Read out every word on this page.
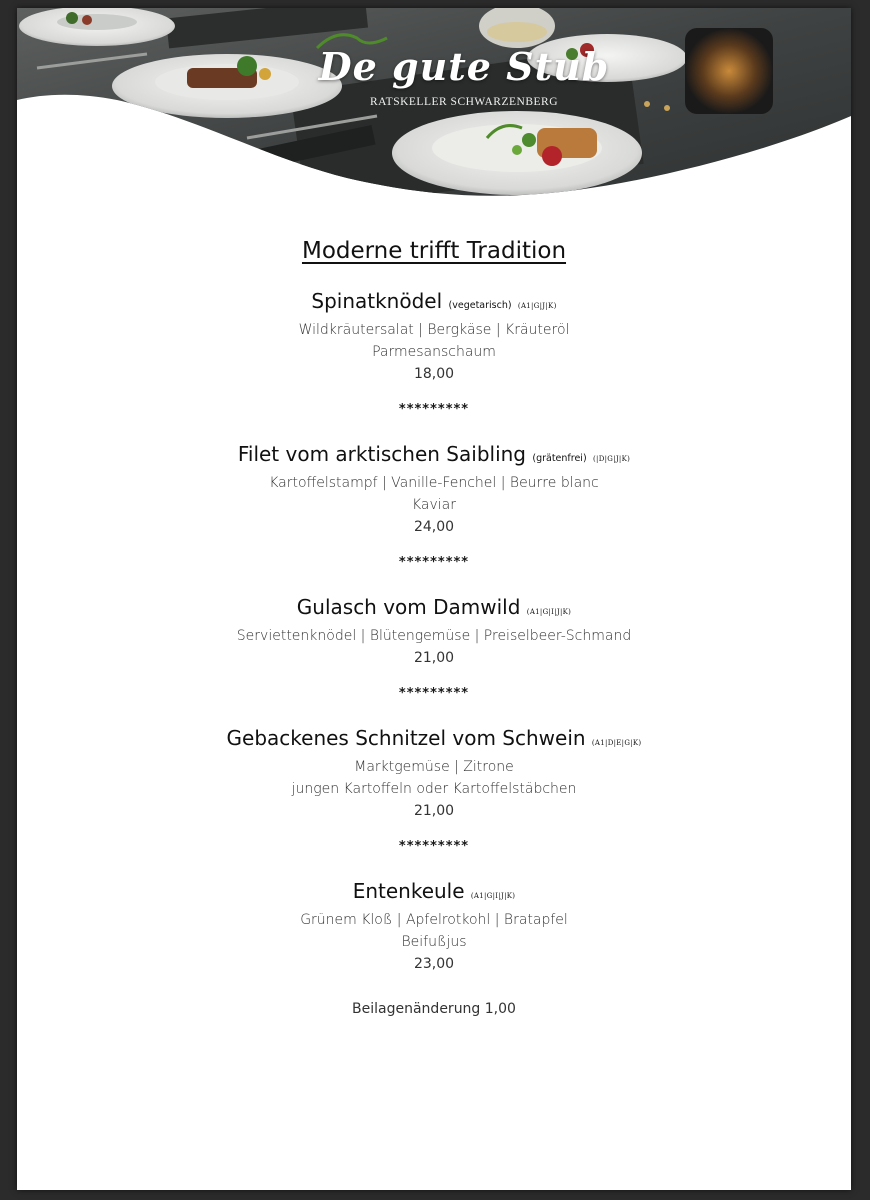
De gute Stub
RATSKELLER SCHWARZENBERG
Moderne trifft Tradition
Spinatknödel (vegetarisch) (A1|G|J|K)
Wildkräutersalat | Bergkäse | Kräuteröl
Parmesanschaum
18,00
*********
Filet vom arktischen Saibling (grätenfrei) (|D|G|J|K)
Kartoffelstampf | Vanille-Fenchel | Beurre blanc
Kaviar
24,00
*********
Gulasch vom Damwild (A1|G|I|J|K)
Serviettenknödel | Blütengemüse | Preiselbeer-Schmand
21,00
*********
Gebackenes Schnitzel vom Schwein (A1|D|E|G|K)
Marktgemüse | Zitrone
jungen Kartoffeln oder Kartoffelstäbchen
21,00
*********
Entenkeule (A1|G|I|J|K)
Grünem Kloß | Apfelrotkohl | Bratapfel
Beifußjus
23,00
Beilagenänderung 1,00
